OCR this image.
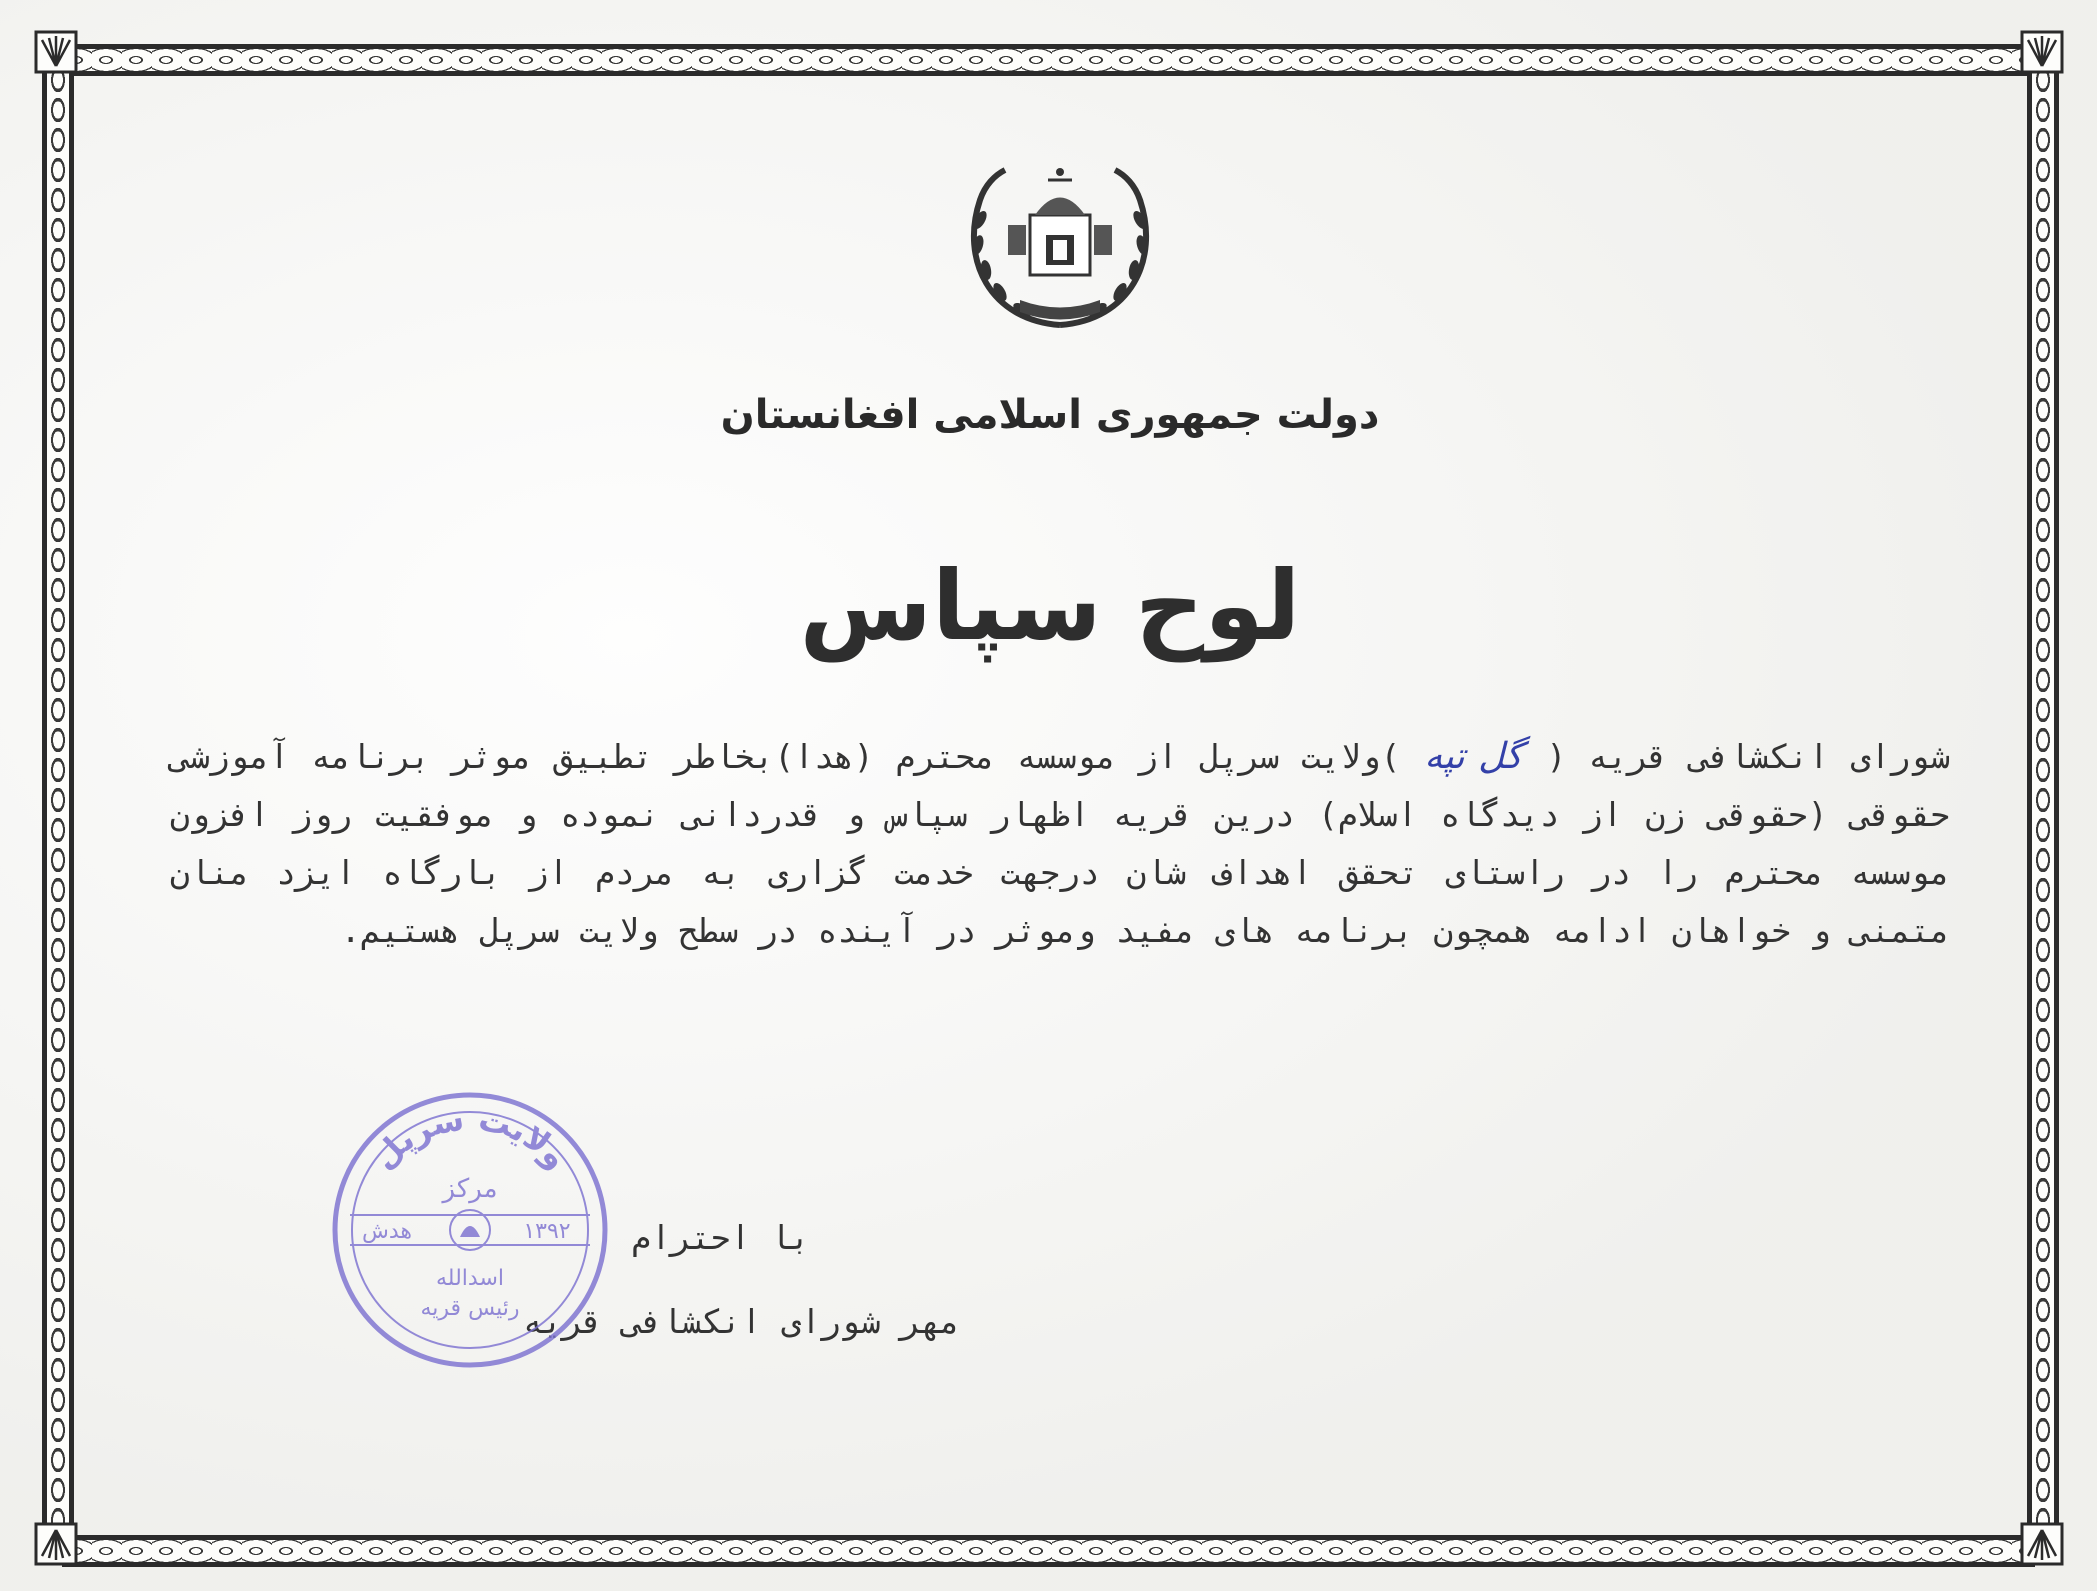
دولت جمهوری اسلامی افغانستان
لوح سپاس

شورای انکشافی قریه (گل تپه)ولایت سرپل از موسسه محترم (هدا)بخاطر تطبیق موثر برنامه آموزشی حقوقی (حقوقی زن از دیدگاه اسلام) درین قریه اظهار سپاس و قدردانی نموده و موفقیت روز افزون موسسه محترم را در راستای تحقق اهداف شان درجهت خدمت گزاری به مردم از بارگاه ایزد منان متمنی و خواهان ادامه همچون برنامه های مفید وموثر در آینده در سطح ولایت سرپل هستیم.

با احترام
مهر شورای انکشافی قریه
ولایت سرپل
مرکز
هدش	۱۳۹۲
اسدالله
رئیس قریه
